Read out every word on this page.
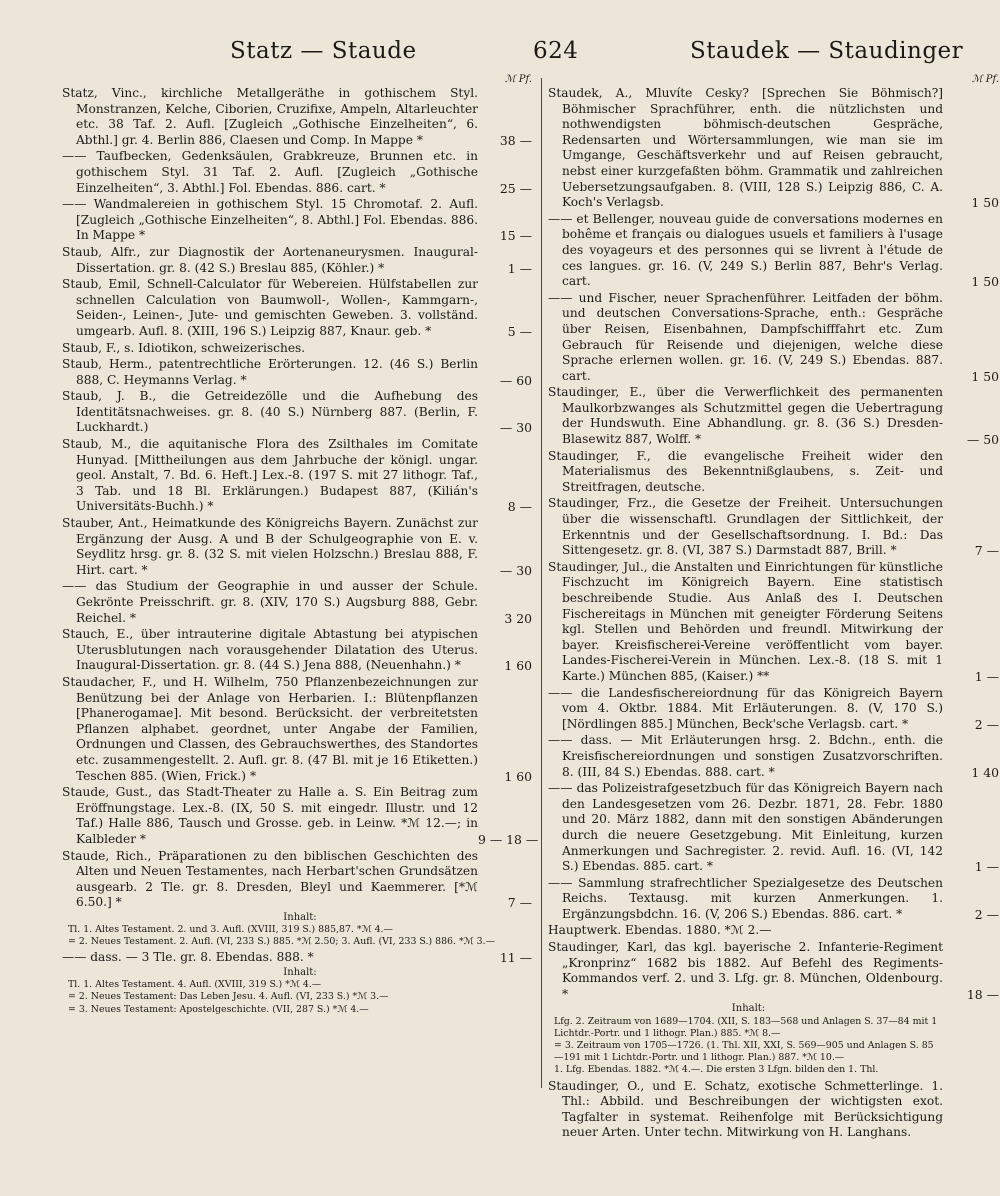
Statz — Staude	624	Staudek — Staudinger
ℳ Pf.
Statz, Vinc., kirchliche Metallgeräthe in gothischem Styl. Monstranzen, Kelche, Ciborien, Cruzifixe, Ampeln, Altarleuchter etc. 38 Taf. 2. Aufl. [Zugleich „Gothische Einzelheiten“, 6. Abthl.] gr. 4. Berlin 886, Claesen und Comp. In Mappe *	38 —
—— Taufbecken, Gedenksäulen, Grabkreuze, Brunnen etc. in gothischem Styl. 31 Taf. 2. Aufl. [Zugleich „Gothische Einzelheiten“, 3. Abthl.] Fol. Ebendas. 886. cart. *	25 —
—— Wandmalereien in gothischem Styl. 15 Chromotaf. 2. Aufl. [Zugleich „Gothische Einzelheiten“, 8. Abthl.] Fol. Ebendas. 886. In Mappe *	15 —
Staub, Alfr., zur Diagnostik der Aortenaneurysmen. Inaugural-Dissertation. gr. 8. (42 S.) Breslau 885, (Köhler.) *	1 —
Staub, Emil, Schnell-Calculator für Webereien. Hülfstabellen zur schnellen Calculation von Baumwoll-, Wollen-, Kammgarn-, Seiden-, Leinen-, Jute- und gemischten Geweben. 3. vollständ. umgearb. Aufl. 8. (XIII, 196 S.) Leipzig 887, Knaur. geb. *	5 —
Staub, F., s. Idiotikon, schweizerisches.
Staub, Herm., patentrechtliche Erörterungen. 12. (46 S.) Berlin 888, C. Heymanns Verlag. *	— 60
Staub, J. B., die Getreidezölle und die Aufhebung des Identitätsnachweises. gr. 8. (40 S.) Nürnberg 887. (Berlin, F. Luckhardt.)	— 30
Staub, M., die aquitanische Flora des Zsilthales im Comitate Hunyad. [Mittheilungen aus dem Jahrbuche der königl. ungar. geol. Anstalt, 7. Bd. 6. Heft.] Lex.-8. (197 S. mit 27 lithogr. Taf., 3 Tab. und 18 Bl. Erklärungen.) Budapest 887, (Kilián's Universitäts-Buchh.) *	8 —
Stauber, Ant., Heimatkunde des Königreichs Bayern. Zunächst zur Ergänzung der Ausg. A und B der Schulgeographie von E. v. Seydlitz hrsg. gr. 8. (32 S. mit vielen Holzschn.) Breslau 888, F. Hirt. cart. *	— 30
—— das Studium der Geographie in und ausser der Schule. Gekrönte Preisschrift. gr. 8. (XIV, 170 S.) Augsburg 888, Gebr. Reichel. *	3 20
Stauch, E., über intrauterine digitale Abtastung bei atypischen Uterusblutungen nach vorausgehender Dilatation des Uterus. Inaugural-Dissertation. gr. 8. (44 S.) Jena 888, (Neuenhahn.) *	1 60
Staudacher, F., und H. Wilhelm, 750 Pflanzenbezeichnungen zur Benützung bei der Anlage von Herbarien. I.: Blütenpflanzen [Phanerogamae]. Mit besond. Berücksicht. der verbreitetsten Pflanzen alphabet. geordnet, unter Angabe der Familien, Ordnungen und Classen, des Gebrauchswerthes, des Standortes etc. zusammengestellt. 2. Aufl. gr. 8. (47 Bl. mit je 16 Etiketten.) Teschen 885. (Wien, Frick.) *	1 60
Staude, Gust., das Stadt-Theater zu Halle a. S. Ein Beitrag zum Eröffnungstage. Lex.-8. (IX, 50 S. mit eingedr. Illustr. und 12 Taf.) Halle 886, Tausch und Grosse. geb. in Leinw. *ℳ 12.—; in Kalbleder *	9 — 18 —
Staude, Rich., Präparationen zu den biblischen Geschichten des Alten und Neuen Testamentes, nach Herbart'schen Grundsätzen ausgearb. 2 Tle. gr. 8. Dresden, Bleyl und Kaemmerer. [*ℳ 6.50.] *	7 —
Inhalt:
Tl. 1. Altes Testament. 2. und 3. Aufl. (XVIII, 319 S.) 885,87. *ℳ 4.—
= 2. Neues Testament. 2. Aufl. (VI, 233 S.) 885. *ℳ 2.50; 3. Aufl. (VI, 233 S.) 886. *ℳ 3.—
—— dass. — 3 Tle. gr. 8. Ebendas. 888. *	11 —
Inhalt:
Tl. 1. Altes Testament. 4. Aufl. (XVIII, 319 S.) *ℳ 4.—
= 2. Neues Testament: Das Leben Jesu. 4. Aufl. (VI, 233 S.) *ℳ 3.—
= 3. Neues Testament: Apostelgeschichte. (VII, 287 S.) *ℳ 4.—
ℳ Pf.
Staudek, A., Mluvíte Cesky? [Sprechen Sie Böhmisch?] Böhmischer Sprachführer, enth. die nützlichsten und nothwendigsten böhmisch-deutschen Gespräche, Redensarten und Wörtersammlungen, wie man sie im Umgange, Geschäftsverkehr und auf Reisen gebraucht, nebst einer kurzgefaßten böhm. Grammatik und zahlreichen Uebersetzungsaufgaben. 8. (VIII, 128 S.) Leipzig 886, C. A. Koch's Verlagsb.	1 50
—— et Bellenger, nouveau guide de conversations modernes en bohême et français ou dialogues usuels et familiers à l'usage des voyageurs et des personnes qui se livrent à l'étude de ces langues. gr. 16. (V, 249 S.) Berlin 887, Behr's Verlag. cart.	1 50
—— und Fischer, neuer Sprachenführer. Leitfaden der böhm. und deutschen Conversations-Sprache, enth.: Gespräche über Reisen, Eisenbahnen, Dampfschifffahrt etc. Zum Gebrauch für Reisende und diejenigen, welche diese Sprache erlernen wollen. gr. 16. (V, 249 S.) Ebendas. 887. cart.	1 50
Staudinger, E., über die Verwerflichkeit des permanenten Maulkorbzwanges als Schutzmittel gegen die Uebertragung der Hundswuth. Eine Abhandlung. gr. 8. (36 S.) Dresden-Blasewitz 887, Wolff. *	— 50
Staudinger, F., die evangelische Freiheit wider den Materialismus des Bekenntnißglaubens, s. Zeit- und Streitfragen, deutsche.
Staudinger, Frz., die Gesetze der Freiheit. Untersuchungen über die wissenschaftl. Grundlagen der Sittlichkeit, der Erkenntnis und der Gesellschaftsordnung. I. Bd.: Das Sittengesetz. gr. 8. (VI, 387 S.) Darmstadt 887, Brill. *	7 —
Staudinger, Jul., die Anstalten und Einrichtungen für künstliche Fischzucht im Königreich Bayern. Eine statistisch beschreibende Studie. Aus Anlaß des I. Deutschen Fischereitags in München mit geneigter Förderung Seitens kgl. Stellen und Behörden und freundl. Mitwirkung der bayer. Kreisfischerei-Vereine veröffentlicht vom bayer. Landes-Fischerei-Verein in München. Lex.-8. (18 S. mit 1 Karte.) München 885, (Kaiser.) **	1 —
—— die Landesfischereiordnung für das Königreich Bayern vom 4. Oktbr. 1884. Mit Erläuterungen. 8. (V, 170 S.) [Nördlingen 885.] München, Beck'sche Verlagsb. cart. *	2 —
—— dass. — Mit Erläuterungen hrsg. 2. Bdchn., enth. die Kreisfischereiordnungen und sonstigen Zusatzvorschriften. 8. (III, 84 S.) Ebendas. 888. cart. *	1 40
—— das Polizeistrafgesetzbuch für das Königreich Bayern nach den Landesgesetzen vom 26. Dezbr. 1871, 28. Febr. 1880 und 20. März 1882, dann mit den sonstigen Abänderungen durch die neuere Gesetzgebung. Mit Einleitung, kurzen Anmerkungen und Sachregister. 2. revid. Aufl. 16. (VI, 142 S.) Ebendas. 885. cart. *	1 —
—— Sammlung strafrechtlicher Spezialgesetze des Deutschen Reichs. Textausg. mit kurzen Anmerkungen. 1. Ergänzungsbdchn. 16. (V, 206 S.) Ebendas. 886. cart. *	2 —
Hauptwerk. Ebendas. 1880. *ℳ 2.—
Staudinger, Karl, das kgl. bayerische 2. Infanterie-Regiment „Kronprinz“ 1682 bis 1882. Auf Befehl des Regiments-Kommandos verf. 2. und 3. Lfg. gr. 8. München, Oldenbourg. *	18 —
Inhalt:
Lfg. 2. Zeitraum von 1689—1704. (XII, S. 183—568 und Anlagen S. 37—84 mit 1 Lichtdr.-Portr. und 1 lithogr. Plan.) 885. *ℳ 8.—
= 3. Zeitraum von 1705—1726. (1. Thl. XII, XXI, S. 569—905 und Anlagen S. 85—191 mit 1 Lichtdr.-Portr. und 1 lithogr. Plan.) 887. *ℳ 10.—
1. Lfg. Ebendas. 1882. *ℳ 4.—. Die ersten 3 Lfgn. bilden den 1. Thl.
Staudinger, O., und E. Schatz, exotische Schmetterlinge. 1. Thl.: Abbild. und Beschreibungen der wichtigsten exot. Tagfalter in systemat. Reihenfolge mit Berücksichtigung neuer Arten. Unter techn. Mitwirkung von H. Langhans.
